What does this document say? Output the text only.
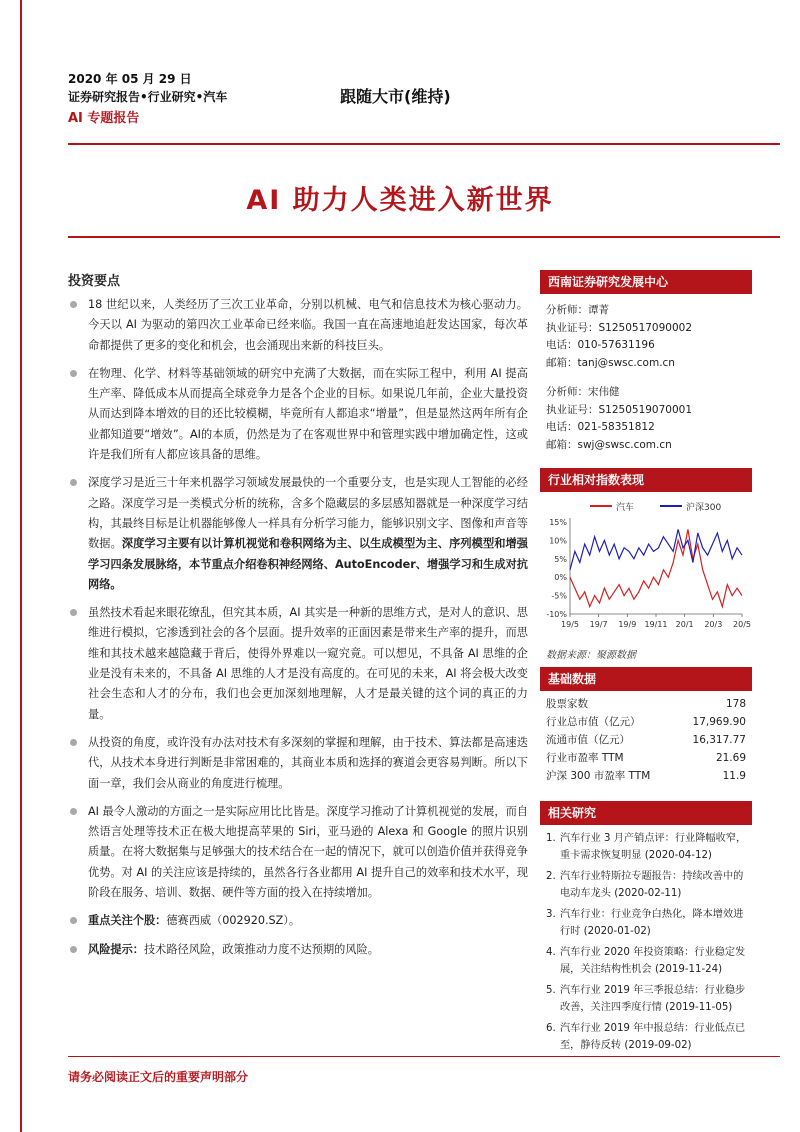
2020 年 05 月 29 日
证券研究报告•行业研究•汽车
AI 专题报告
跟随大市(维持)
AI 助力人类进入新世界
投资要点
18 世纪以来，人类经历了三次工业革命，分别以机械、电气和信息技术为核心驱动力。今天以 AI 为驱动的第四次工业革命已经来临。我国一直在高速地追赶发达国家，每次革命都提供了更多的变化和机会，也会涌现出来新的科技巨头。
在物理、化学、材料等基础领域的研究中充满了大数据，而在实际工程中，利用 AI 提高生产率、降低成本从而提高全球竞争力是各个企业的目标。如果说几年前，企业大量投资从而达到降本增效的目的还比较模糊，毕竟所有人都追求“增量”，但是显然这两年所有企业都知道要“增效”。AI的本质，仍然是为了在客观世界中和管理实践中增加确定性，这或许是我们所有人都应该具备的思维。
深度学习是近三十年来机器学习领域发展最快的一个重要分支，也是实现人工智能的必经之路。深度学习是一类模式分析的统称，含多个隐藏层的多层感知器就是一种深度学习结构，其最终目标是让机器能够像人一样具有分析学习能力，能够识别文字、图像和声音等数据。深度学习主要有以计算机视觉和卷积网络为主、以生成模型为主、序列模型和增强学习四条发展脉络，本节重点介绍卷积神经网络、AutoEncoder、增强学习和生成对抗网络。
虽然技术看起来眼花缭乱，但究其本质，AI 其实是一种新的思维方式，是对人的意识、思维进行模拟，它渗透到社会的各个层面。提升效率的正面因素是带来生产率的提升，而思维和其技术越来越隐藏于背后，使得外界难以一窥究竟。可以想见，不具备 AI 思维的企业是没有未来的，不具备 AI 思维的人才是没有高度的。在可见的未来，AI 将会极大改变社会生态和人才的分布，我们也会更加深刻地理解，人才是最关键的这个词的真正的力量。
从投资的角度，或许没有办法对技术有多深刻的掌握和理解，由于技术、算法都是高速迭代，从技术本身进行判断是非常困难的，其商业本质和选择的赛道会更容易判断。所以下面一章，我们会从商业的角度进行梳理。
AI 最令人激动的方面之一是实际应用比比皆是。深度学习推动了计算机视觉的发展，而自然语言处理等技术正在极大地提高苹果的 Siri，亚马逊的 Alexa 和 Google 的照片识别质量。在将大数据集与足够强大的技术结合在一起的情况下，就可以创造价值并获得竞争优势。对 AI 的关注应该是持续的，虽然各行各业都用 AI 提升自己的效率和技术水平，现阶段在服务、培训、数据、硬件等方面的投入在持续增加。
重点关注个股：德赛西威（002920.SZ）。
风险提示：技术路径风险，政策推动力度不达预期的风险。
西南证券研究发展中心
分析师：谭菁
执业证号：S1250517090002
电话：010-57631196
邮箱：tanj@swsc.com.cn
分析师：宋伟健
执业证号：S1250519070001
电话：021-58351812
邮箱：swj@swsc.com.cn
行业相对指数表现
汽车	沪深300
15%
10%
5%
0%
-5%
-10%
19/5 19/7 19/9 19/11 20/1 20/3 20/5
数据来源：聚源数据
基础数据
股票家数	178
行业总市值（亿元）	17,969.90
流通市值（亿元）	16,317.77
行业市盈率 TTM	21.69
沪深 300 市盈率 TTM	11.9
相关研究
1. 汽车行业 3 月产销点评：行业降幅收窄，重卡需求恢复明显 (2020-04-12)
2. 汽车行业特斯拉专题报告：持续改善中的电动车龙头 (2020-02-11)
3. 汽车行业：行业竞争白热化，降本增效进行时 (2020-01-02)
4. 汽车行业 2020 年投资策略：行业稳定发展，关注结构性机会 (2019-11-24)
5. 汽车行业 2019 年三季报总结：行业稳步改善，关注四季度行情 (2019-11-05)
6. 汽车行业 2019 年中报总结：行业低点已至，静待反转 (2019-09-02)
请务必阅读正文后的重要声明部分
